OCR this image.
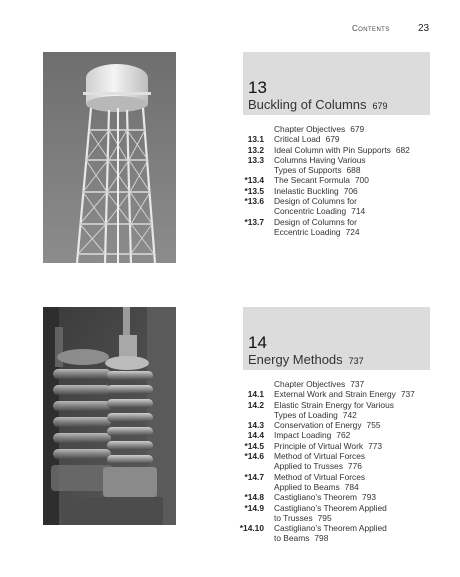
Contents	23
13
Buckling of Columns 679
Chapter Objectives 679
13.1	Critical Load 679
13.2	Ideal Column with Pin Supports 682
13.3	Columns Having Various
Types of Supports 688
*13.4	The Secant Formula 700
*13.5	Inelastic Buckling 706
*13.6	Design of Columns for
Concentric Loading 714
*13.7	Design of Columns for
Eccentric Loading 724
14
Energy Methods 737
Chapter Objectives 737
14.1	External Work and Strain Energy 737
14.2	Elastic Strain Energy for Various
Types of Loading 742
14.3	Conservation of Energy 755
14.4	Impact Loading 762
*14.5	Principle of Virtual Work 773
*14.6	Method of Virtual Forces
Applied to Trusses 776
*14.7	Method of Virtual Forces
Applied to Beams 784
*14.8	Castigliano’s Theorem 793
*14.9	Castigliano’s Theorem Applied
to Trusses 795
*14.10	Castigliano’s Theorem Applied
to Beams 798
